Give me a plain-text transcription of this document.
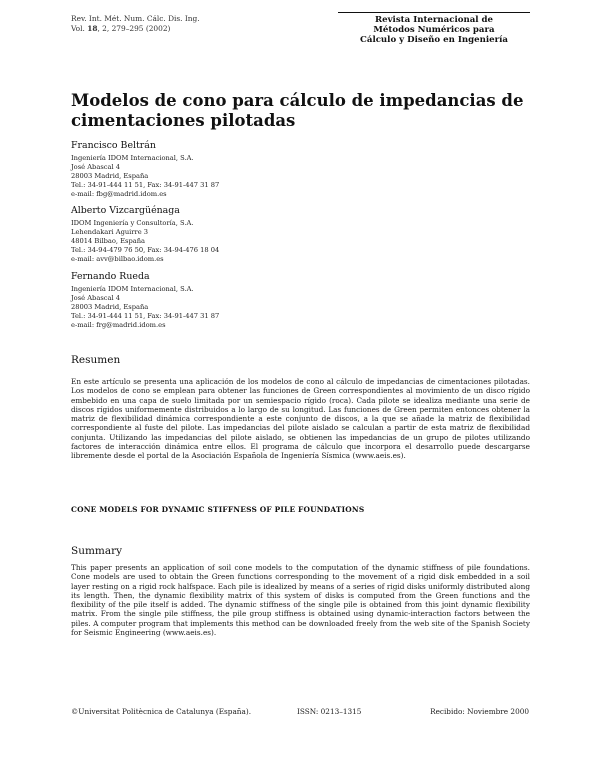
Rev. Int. Mét. Num. Cálc. Dis. Ing.
Vol. 18, 2, 279–295 (2002)
Revista Internacional de
Métodos Numéricos para
Cálculo y Diseño en Ingeniería
Modelos de cono para cálculo de impedancias de
cimentaciones pilotadas
Francisco Beltrán
Ingeniería IDOM Internacional, S.A.
José Abascal 4
28003 Madrid, España
Tel.: 34-91-444 11 51, Fax: 34-91-447 31 87
e-mail: fbg@madrid.idom.es
Alberto Vizcargüénaga
IDOM Ingeniería y Consultoría, S.A.
Lehendakari Aguirre 3
48014 Bilbao, España
Tel.: 34-94-479 76 50, Fax: 34-94-476 18 04
e-mail: avv@bilbao.idom.es
Fernando Rueda
Ingeniería IDOM Internacional, S.A.
José Abascal 4
28003 Madrid, España
Tel.: 34-91-444 11 51, Fax: 34-91-447 31 87
e-mail: frg@madrid.idom.es
Resumen
En este artículo se presenta una aplicación de los modelos de cono al cálculo de impedancias de cimentaciones pilotadas. Los modelos de cono se emplean para obtener las funciones de Green correspondientes al movimiento de un disco rígido embebido en una capa de suelo limitada por un semiespacio rígido (roca). Cada pilote se idealiza mediante una serie de discos rígidos uniformemente distribuidos a lo largo de su longitud. Las funciones de Green permiten entonces obtener la matriz de flexibilidad dinámica correspondiente a este conjunto de discos, a la que se añade la matriz de flexibilidad correspondiente al fuste del pilote. Las impedancias del pilote aislado se calculan a partir de esta matriz de flexibilidad conjunta. Utilizando las impedancias del pilote aislado, se obtienen las impedancias de un grupo de pilotes utilizando factores de interacción dinámica entre ellos. El programa de cálculo que incorpora el desarrollo puede descargarse libremente desde el portal de la Asociación Española de Ingeniería Sísmica (www.aeis.es).
CONE MODELS FOR DYNAMIC STIFFNESS OF PILE FOUNDATIONS
Summary
This paper presents an application of soil cone models to the computation of the dynamic stiffness of pile foundations. Cone models are used to obtain the Green functions corresponding to the movement of a rigid disk embedded in a soil layer resting on a rigid rock halfspace. Each pile is idealized by means of a series of rigid disks uniformly distributed along its length. Then, the dynamic flexibility matrix of this system of disks is computed from the Green functions and the flexibility of the pile itself is added. The dynamic stiffness of the single pile is obtained from this joint dynamic flexibility matrix. From the single pile stiffness, the pile group stiffness is obtained using dynamic-interaction factors between the piles. A computer program that implements this method can be downloaded freely from the web site of the Spanish Society for Seismic Engineering (www.aeis.es).
©Universitat Politècnica de Catalunya (España).	ISSN: 0213–1315	Recibido: Noviembre 2000
